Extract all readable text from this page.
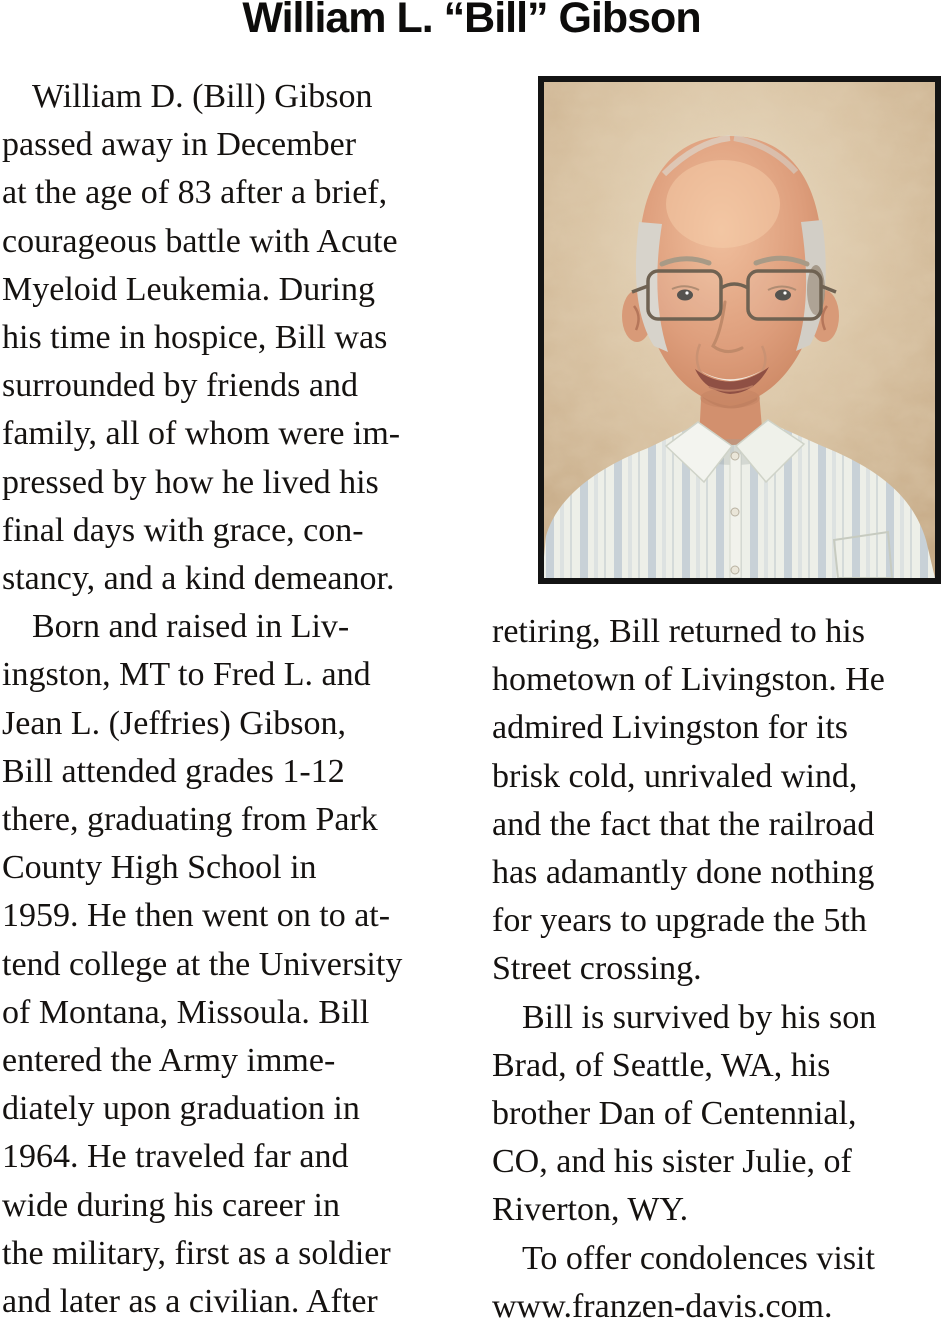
William L. “Bill” Gibson
William D. (Bill) Gibson
passed away in December
at the age of 83 after a brief,
courageous battle with Acute
Myeloid Leukemia. During
his time in hospice, Bill was
surrounded by friends and
family, all of whom were im-
pressed by how he lived his
final days with grace, con-
stancy, and a kind demeanor.
Born and raised in Liv-
ingston, MT to Fred L. and
Jean L. (Jeffries) Gibson,
Bill attended grades 1-12
there, graduating from Park
County High School in
1959. He then went on to at-
tend college at the University
of Montana, Missoula. Bill
entered the Army imme-
diately upon graduation in
1964. He traveled far and
wide during his career in
the military, first as a soldier
and later as a civilian. After
retiring, Bill returned to his
hometown of Livingston. He
admired Livingston for its
brisk cold, unrivaled wind,
and the fact that the railroad
has adamantly done nothing
for years to upgrade the 5th
Street crossing.
Bill is survived by his son
Brad, of Seattle, WA, his
brother Dan of Centennial,
CO, and his sister Julie, of
Riverton, WY.
To offer condolences visit
www.franzen-davis.com.
